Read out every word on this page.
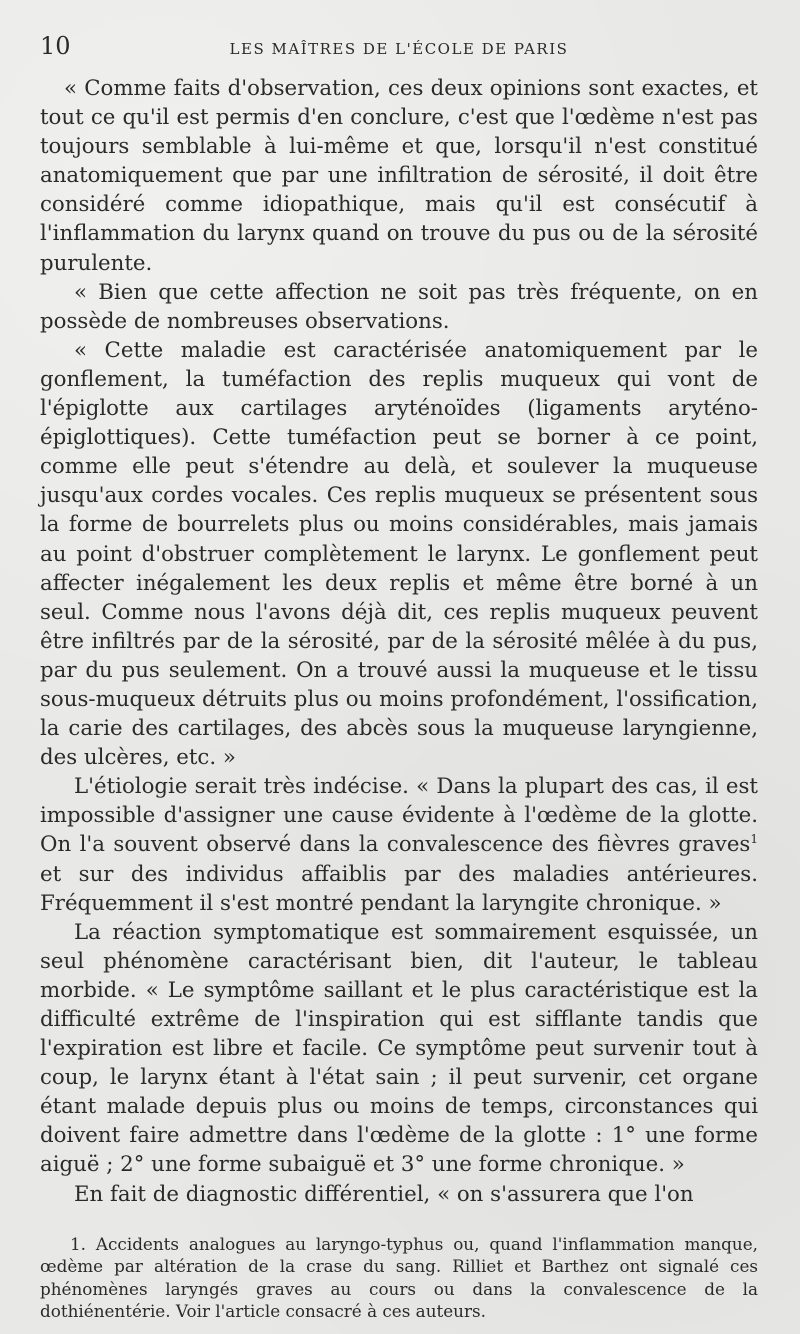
10	LES MAÎTRES DE L'ÉCOLE DE PARIS

« Comme faits d'observation, ces deux opinions sont exactes, et tout ce qu'il est permis d'en conclure, c'est que l'œdème n'est pas toujours semblable à lui-même et que, lorsqu'il n'est constitué anatomiquement que par une infiltration de sérosité, il doit être considéré comme idiopathique, mais qu'il est consécutif à l'inflammation du larynx quand on trouve du pus ou de la sérosité purulente.

« Bien que cette affection ne soit pas très fréquente, on en possède de nombreuses observations.

« Cette maladie est caractérisée anatomiquement par le gonflement, la tuméfaction des replis muqueux qui vont de l'épiglotte aux cartilages aryténoïdes (ligaments aryténo-épiglottiques). Cette tuméfaction peut se borner à ce point, comme elle peut s'étendre au delà, et soulever la muqueuse jusqu'aux cordes vocales. Ces replis muqueux se présentent sous la forme de bourrelets plus ou moins considérables, mais jamais au point d'obstruer complètement le larynx. Le gonflement peut affecter inégalement les deux replis et même être borné à un seul. Comme nous l'avons déjà dit, ces replis muqueux peuvent être infiltrés par de la sérosité, par de la sérosité mêlée à du pus, par du pus seulement. On a trouvé aussi la muqueuse et le tissu sous-muqueux détruits plus ou moins profondément, l'ossification, la carie des cartilages, des abcès sous la muqueuse laryngienne, des ulcères, etc. »

L'étiologie serait très indécise. « Dans la plupart des cas, il est impossible d'assigner une cause évidente à l'œdème de la glotte. On l'a souvent observé dans la convalescence des fièvres graves$^1$ et sur des individus affaiblis par des maladies antérieures. Fréquemment il s'est montré pendant la laryngite chronique. »

La réaction symptomatique est sommairement esquissée, un seul phénomène caractérisant bien, dit l'auteur, le tableau morbide. « Le symptôme saillant et le plus caractéristique est la difficulté extrême de l'inspiration qui est sifflante tandis que l'expiration est libre et facile. Ce symptôme peut survenir tout à coup, le larynx étant à l'état sain ; il peut survenir, cet organe étant malade depuis plus ou moins de temps, circonstances qui doivent faire admettre dans l'œdème de la glotte : 1° une forme aiguë ; 2° une forme subaiguë et 3° une forme chronique. »

En fait de diagnostic différentiel, « on s'assurera que l'on

1. Accidents analogues au laryngo-typhus ou, quand l'inflammation manque, œdème par altération de la crase du sang. Rilliet et Barthez ont signalé ces phénomènes laryngés graves au cours ou dans la convalescence de la dothiénentérie. Voir l'article consacré à ces auteurs.
